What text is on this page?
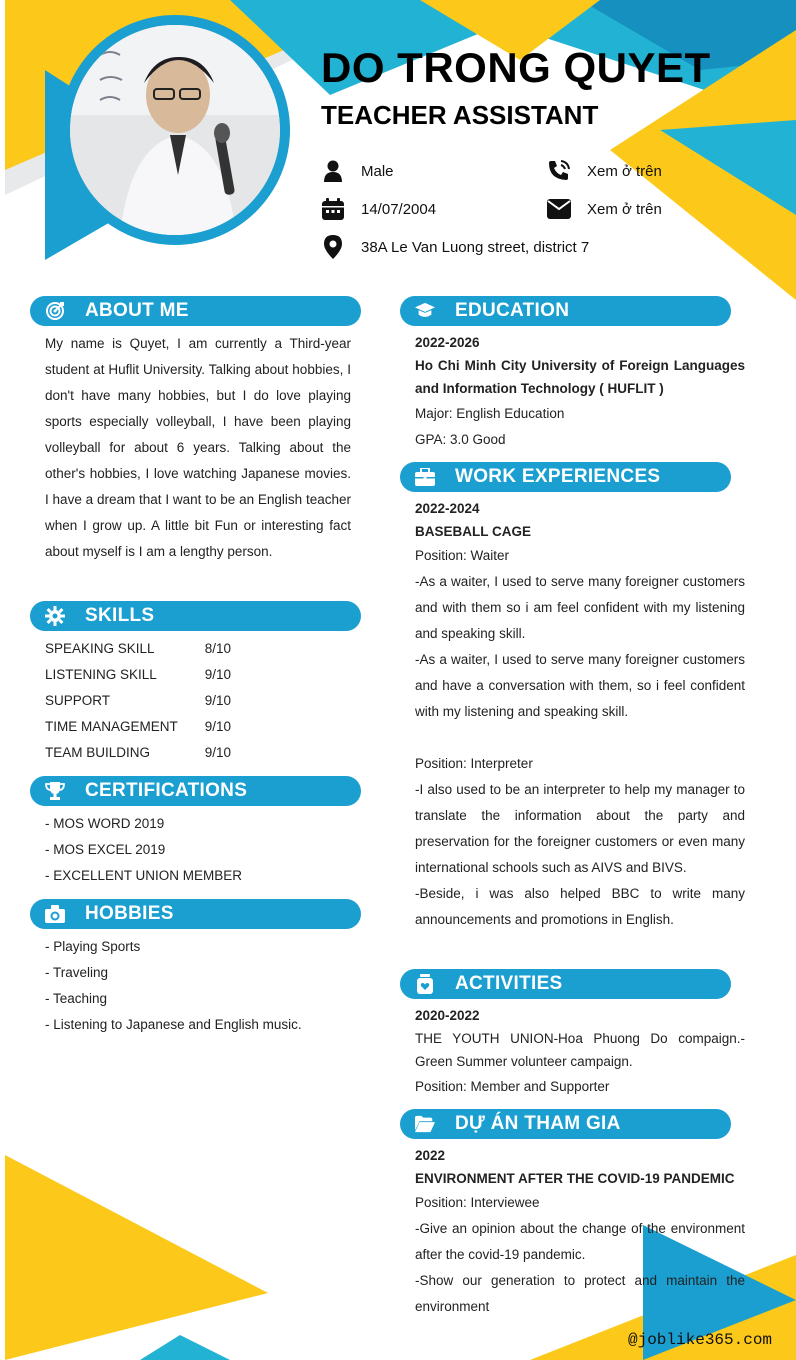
DO TRONG QUYET
TEACHER ASSISTANT
Male
14/07/2004
38A Le Van Luong street, district 7
Xem ở trên
Xem ở trên
ABOUT ME
My name is Quyet, I am currently a Third-year student at Huflit University. Talking about hobbies, I don't have many hobbies, but I do love playing sports especially volleyball, I have been playing volleyball for about 6 years. Talking about the other's hobbies, I love watching Japanese movies. I have a dream that I want to be an English teacher when I grow up. A little bit Fun or interesting fact about myself is I am a lengthy person.
SKILLS
SPEAKING SKILL	8/10
LISTENING SKILL	9/10
SUPPORT	9/10
TIME MANAGEMENT	9/10
TEAM BUILDING	9/10
CERTIFICATIONS
- MOS WORD 2019
- MOS EXCEL 2019
- EXCELLENT UNION MEMBER
HOBBIES
- Playing Sports
- Traveling
- Teaching
- Listening to Japanese and English music.
EDUCATION
2022-2026
Ho Chi Minh City University of Foreign Languages and Information Technology ( HUFLIT )
Major: English Education
GPA: 3.0 Good
WORK EXPERIENCES
2022-2024
BASEBALL CAGE
Position: Waiter
-As a waiter, I used to serve many foreigner customers and with them so i am feel confident with my listening and speaking skill.
-As a waiter, I used to serve many foreigner customers and have a conversation with them, so i feel confident with my listening and speaking skill.
Position: Interpreter
-I also used to be an interpreter to help my manager to translate the information about the party and preservation for the foreigner customers or even many international schools such as AIVS and BIVS.
-Beside, i was also helped BBC to write many announcements and promotions in English.
ACTIVITIES
2020-2022
THE YOUTH UNION-Hoa Phuong Do compaign.-Green Summer volunteer campaign.
Position: Member and Supporter
DỰ ÁN THAM GIA
2022
ENVIRONMENT AFTER THE COVID-19 PANDEMIC
Position: Interviewee
-Give an opinion about the change of the environment after the covid-19 pandemic.
-Show our generation to protect and maintain the environment
@joblike365.com
